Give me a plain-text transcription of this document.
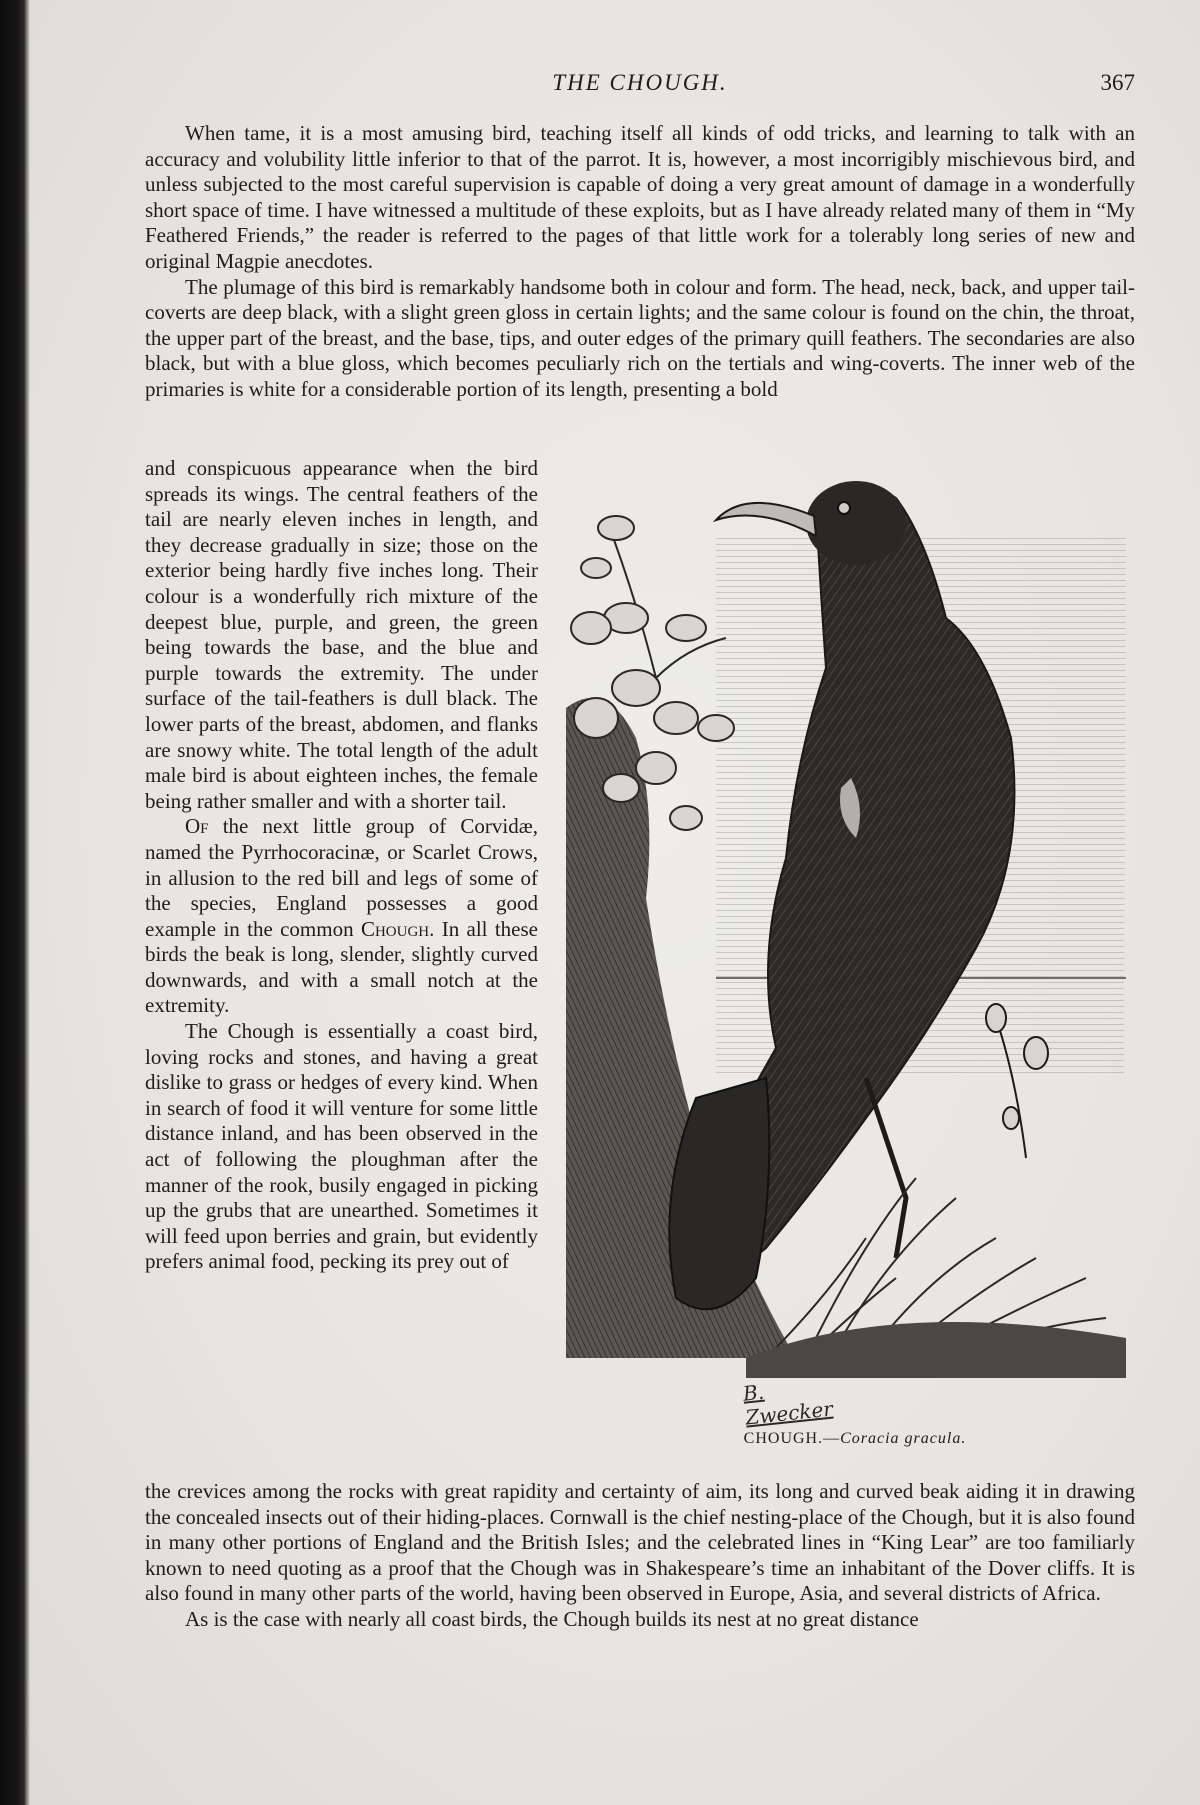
THE CHOUGH.	367

When tame, it is a most amusing bird, teaching itself all kinds of odd tricks, and learning to talk with an accuracy and volubility little inferior to that of the parrot. It is, however, a most incorrigibly mischievous bird, and unless subjected to the most careful supervision is capable of doing a very great amount of damage in a wonderfully short space of time. I have witnessed a multitude of these exploits, but as I have already related many of them in “My Feathered Friends,” the reader is referred to the pages of that little work for a tolerably long series of new and original Magpie anecdotes.

The plumage of this bird is remarkably handsome both in colour and form. The head, neck, back, and upper tail-coverts are deep black, with a slight green gloss in certain lights; and the same colour is found on the chin, the throat, the upper part of the breast, and the base, tips, and outer edges of the primary quill feathers. The secondaries are also black, but with a blue gloss, which becomes peculiarly rich on the tertials and wing-coverts. The inner web of the primaries is white for a considerable portion of its length, presenting a bold

and conspicuous appearance when the bird spreads its wings. The central feathers of the tail are nearly eleven inches in length, and they decrease gradually in size; those on the exterior being hardly five inches long. Their colour is a wonderfully rich mixture of the deepest blue, purple, and green, the green being towards the base, and the blue and purple towards the extremity. The under surface of the tail-feathers is dull black. The lower parts of the breast, abdomen, and flanks are snowy white. The total length of the adult male bird is about eighteen inches, the female being rather smaller and with a shorter tail.

Of the next little group of Corvidæ, named the Pyrrhocoracinæ, or Scarlet Crows, in allusion to the red bill and legs of some of the species, England possesses a good example in the common Chough. In all these birds the beak is long, slender, slightly curved downwards, and with a small notch at the extremity.

The Chough is essentially a coast bird, loving rocks and stones, and having a great dislike to grass or hedges of every kind. When in search of food it will venture for some little distance inland, and has been observed in the act of following the ploughman after the manner of the rook, busily engaged in picking up the grubs that are unearthed. Sometimes it will feed upon berries and grain, but evidently prefers animal food, pecking its prey out of

B. Zwecker
CHOUGH.—Coracia gracula.

the crevices among the rocks with great rapidity and certainty of aim, its long and curved beak aiding it in drawing the concealed insects out of their hiding-places. Cornwall is the chief nesting-place of the Chough, but it is also found in many other portions of England and the British Isles; and the celebrated lines in “King Lear” are too familiarly known to need quoting as a proof that the Chough was in Shakespeare’s time an inhabitant of the Dover cliffs. It is also found in many other parts of the world, having been observed in Europe, Asia, and several districts of Africa.

As is the case with nearly all coast birds, the Chough builds its nest at no great distance
